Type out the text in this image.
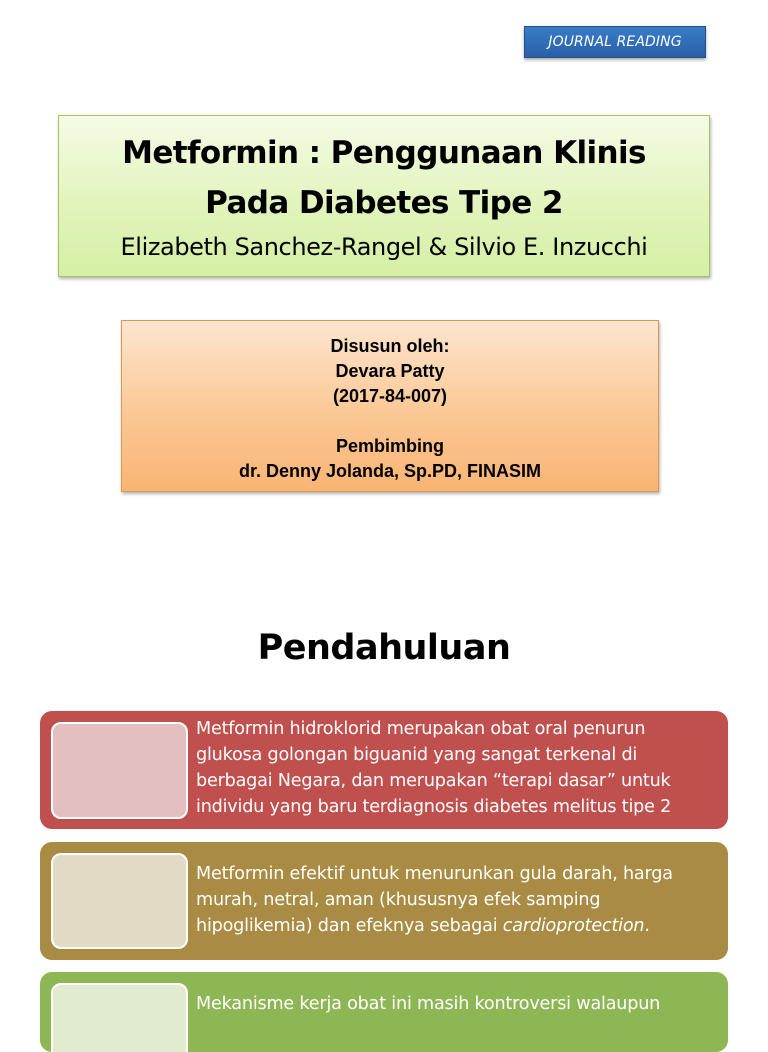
JOURNAL READING
Metformin : Penggunaan Klinis
Pada Diabetes Tipe 2
Elizabeth Sanchez-Rangel & Silvio E. Inzucchi
Disusun oleh:
Devara Patty
(2017-84-007)
Pembimbing
dr. Denny Jolanda, Sp.PD, FINASIM
Pendahuluan
Metformin hidroklorid merupakan obat oral penurun
glukosa golongan biguanid yang sangat terkenal di
berbagai Negara, dan merupakan “terapi dasar” untuk
individu yang baru terdiagnosis diabetes melitus tipe 2
Metformin efektif untuk menurunkan gula darah, harga
murah, netral, aman (khususnya efek samping
hipoglikemia) dan efeknya sebagai cardioprotection.
Mekanisme kerja obat ini masih kontroversi walaupun
